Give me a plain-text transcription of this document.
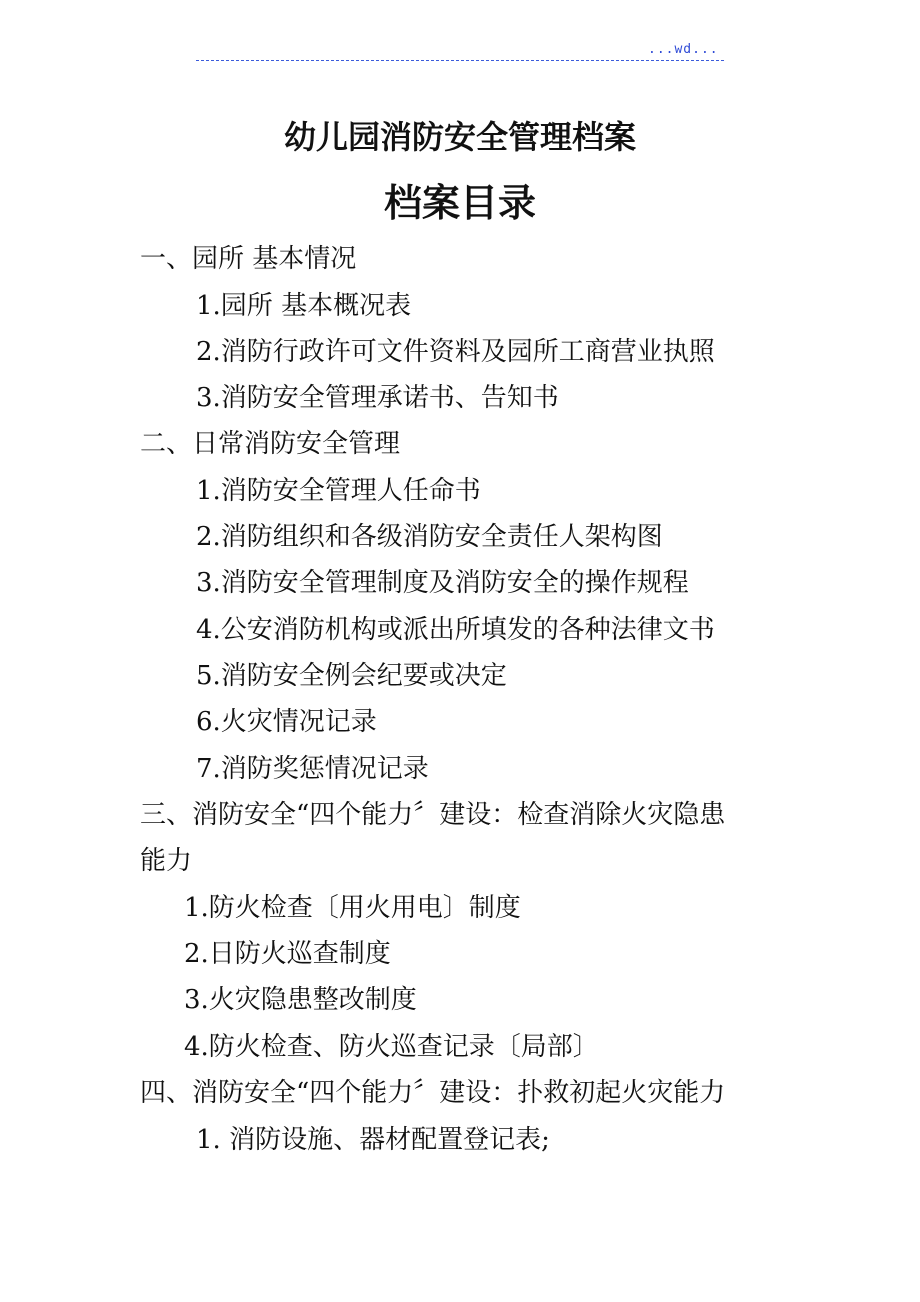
...wd...
幼儿园消防安全管理档案
档案目录
一、园所 基本情况
1.园所 基本概况表
2.消防行政许可文件资料及园所工商营业执照
3.消防安全管理承诺书、告知书
二、日常消防安全管理
1.消防安全管理人任命书
2.消防组织和各级消防安全责任人架构图
3.消防安全管理制度及消防安全的操作规程
4.公安消防机构或派出所填发的各种法律文书
5.消防安全例会纪要或决定
6.火灾情况记录
7.消防奖惩情况记录
三、消防安全“四个能力〞建设：检查消除火灾隐患
能力
1.防火检查〔用火用电〕制度
2.日防火巡查制度
3.火灾隐患整改制度
4.防火检查、防火巡查记录〔局部〕
四、消防安全“四个能力〞建设：扑救初起火灾能力
1. 消防设施、器材配置登记表;
